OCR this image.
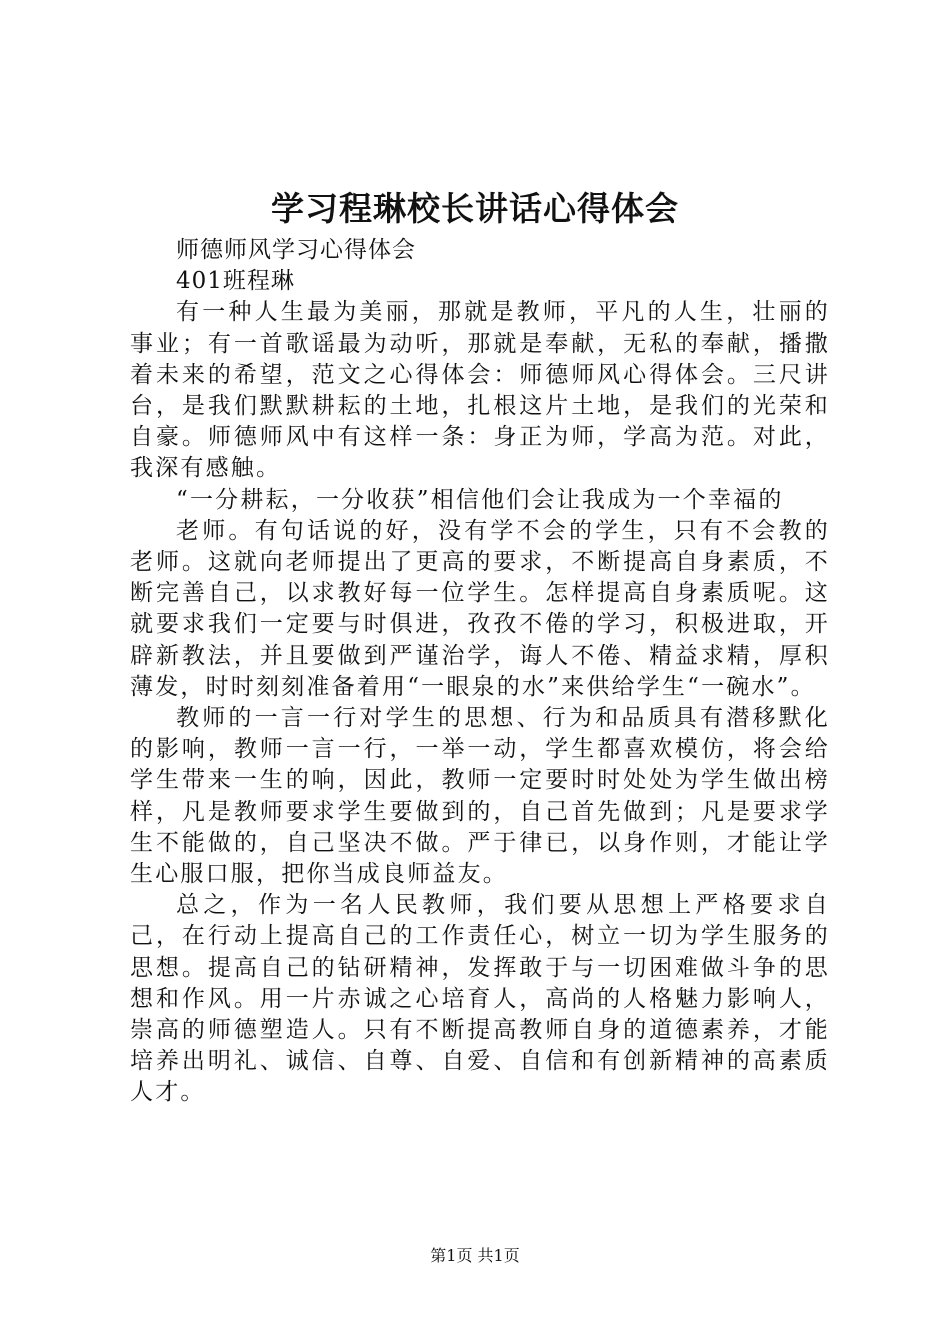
学习程琳校长讲话心得体会

师德师风学习心得体会

401班程琳

有一种人生最为美丽，那就是教师，平凡的人生，壮丽的事业；有一首歌谣最为动听，那就是奉献，无私的奉献，播撒着未来的希望，范文之心得体会：师德师风心得体会。三尺讲台，是我们默默耕耘的土地，扎根这片土地，是我们的光荣和自豪。师德师风中有这样一条：身正为师，学高为范。对此，我深有感触。

“一分耕耘，一分收获”相信他们会让我成为一个幸福的

老师。有句话说的好，没有学不会的学生，只有不会教的老师。这就向老师提出了更高的要求，不断提高自身素质，不断完善自己，以求教好每一位学生。怎样提高自身素质呢。这就要求我们一定要与时俱进，孜孜不倦的学习，积极进取，开辟新教法，并且要做到严谨治学，诲人不倦、精益求精，厚积薄发，时时刻刻准备着用“一眼泉的水”来供给学生“一碗水”。

教师的一言一行对学生的思想、行为和品质具有潜移默化的影响，教师一言一行，一举一动，学生都喜欢模仿，将会给学生带来一生的响，因此，教师一定要时时处处为学生做出榜样，凡是教师要求学生要做到的，自己首先做到；凡是要求学生不能做的，自己坚决不做。严于律已，以身作则，才能让学生心服口服，把你当成良师益友。

总之，作为一名人民教师，我们要从思想上严格要求自己，在行动上提高自己的工作责任心，树立一切为学生服务的思想。提高自己的钻研精神，发挥敢于与一切困难做斗争的思想和作风。用一片赤诚之心培育人，高尚的人格魅力影响人，崇高的师德塑造人。只有不断提高教师自身的道德素养，才能培养出明礼、诚信、自尊、自爱、自信和有创新精神的高素质人才。

第1页 共1页
